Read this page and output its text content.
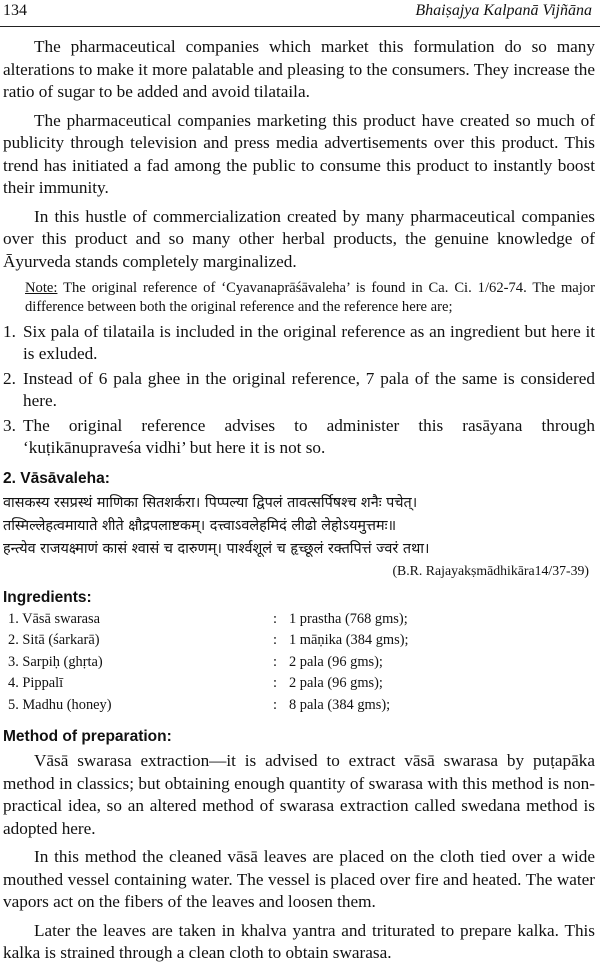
134	Bhaiṣajya Kalpanā Vijñāna

The pharmaceutical companies which market this formulation do so many alterations to make it more palatable and pleasing to the consumers. They increase the ratio of sugar to be added and avoid tilataila.

The pharmaceutical companies marketing this product have created so much of publicity through television and press media advertisements over this product. This trend has initiated a fad among the public to consume this product to instantly boost their immunity.

In this hustle of commercialization created by many pharmaceutical companies over this product and so many other herbal products, the genuine knowledge of Āyurveda stands completely marginalized.

Note: The original reference of ‘Cyavanaprāśāvaleha’ is found in Ca. Ci. 1/62-74. The major difference between both the original reference and the reference here are;
1. Six pala of tilataila is included in the original reference as an ingredient but here it is exluded.
2. Instead of 6 pala ghee in the original reference, 7 pala of the same is considered here.
3. The original reference advises to administer this rasāyana through ‘kuṭikānupraveśa vidhi’ but here it is not so.
2. Vāsāvaleha:

वासकस्य रसप्रस्थं माणिका सितशर्करा। पिप्पल्या द्विपलं तावत्सर्पिषश्च शनैः पचेत्।

तस्मिल्लेहत्वमायाते शीते क्षौद्रपलाष्टकम्। दत्त्वाऽवलेहमिदं लीढो लेहोऽयमुत्तमः॥

हन्त्येव राजयक्ष्माणं कासं श्वासं च दारुणम्। पार्श्वशूलं च हृच्छूलं रक्तपित्तं ज्वरं तथा।

(B.R. Rajayakṣmādhikāra14/37-39)
Ingredients:
1. Vāsā swarasa	:	1 prastha (768 gms);
2. Sitā (śarkarā)	:	1 māṇika (384 gms);
3. Sarpiḥ (ghṛta)	:	2 pala (96 gms);
4. Pippalī	:	2 pala (96 gms);
5. Madhu (honey)	:	8 pala (384 gms);
Method of preparation:

Vāsā swarasa extraction—it is advised to extract vāsā swarasa by puṭapāka method in classics; but obtaining enough quantity of swarasa with this method is non-practical idea, so an altered method of swarasa extraction called swedana method is adopted here.

In this method the cleaned vāsā leaves are placed on the cloth tied over a wide mouthed vessel containing water. The vessel is placed over fire and heated. The water vapors act on the fibers of the leaves and loosen them.

Later the leaves are taken in khalva yantra and triturated to prepare kalka. This kalka is strained through a clean cloth to obtain swarasa.
